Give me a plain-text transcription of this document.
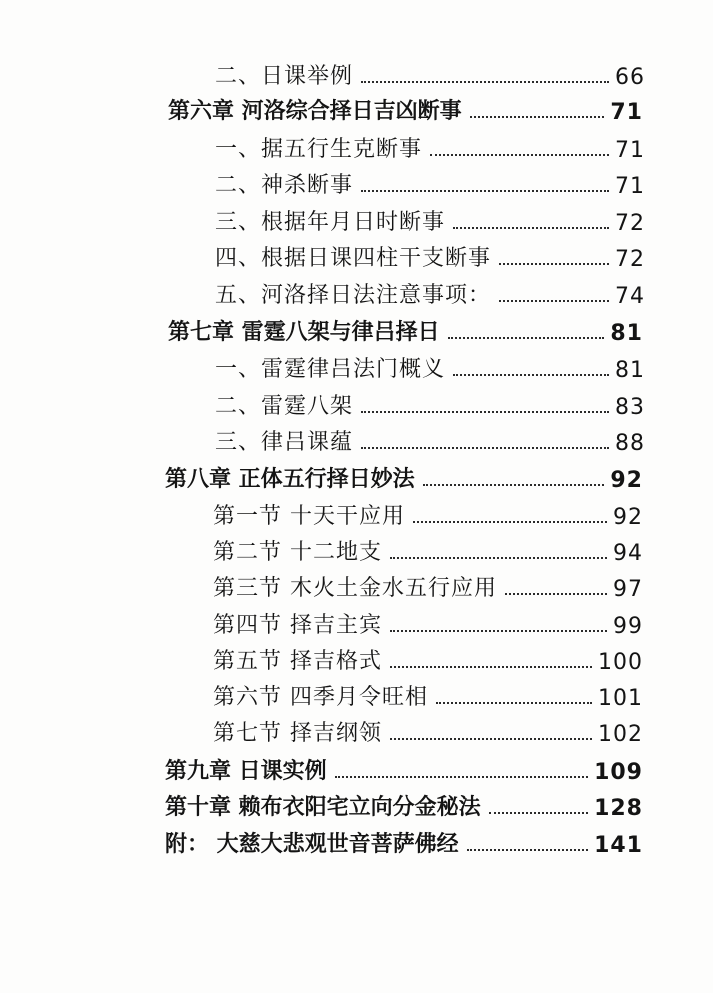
二、日课举例	66
第六章 河洛综合择日吉凶断事	71
一、据五行生克断事	71
二、神杀断事	71
三、根据年月日时断事	72
四、根据日课四柱干支断事	72
五、河洛择日法注意事项：	74
第七章 雷霆八架与律吕择日	81
一、雷霆律吕法门概义	81
二、雷霆八架	83
三、律吕课蕴	88
第八章 正体五行择日妙法	92
第一节 十天干应用	92
第二节 十二地支	94
第三节 木火土金水五行应用	97
第四节 择吉主宾	99
第五节 择吉格式	100
第六节 四季月令旺相	101
第七节 择吉纲领	102
第九章 日课实例	109
第十章 赖布衣阳宅立向分金秘法	128
附： 大慈大悲观世音菩萨佛经	141
